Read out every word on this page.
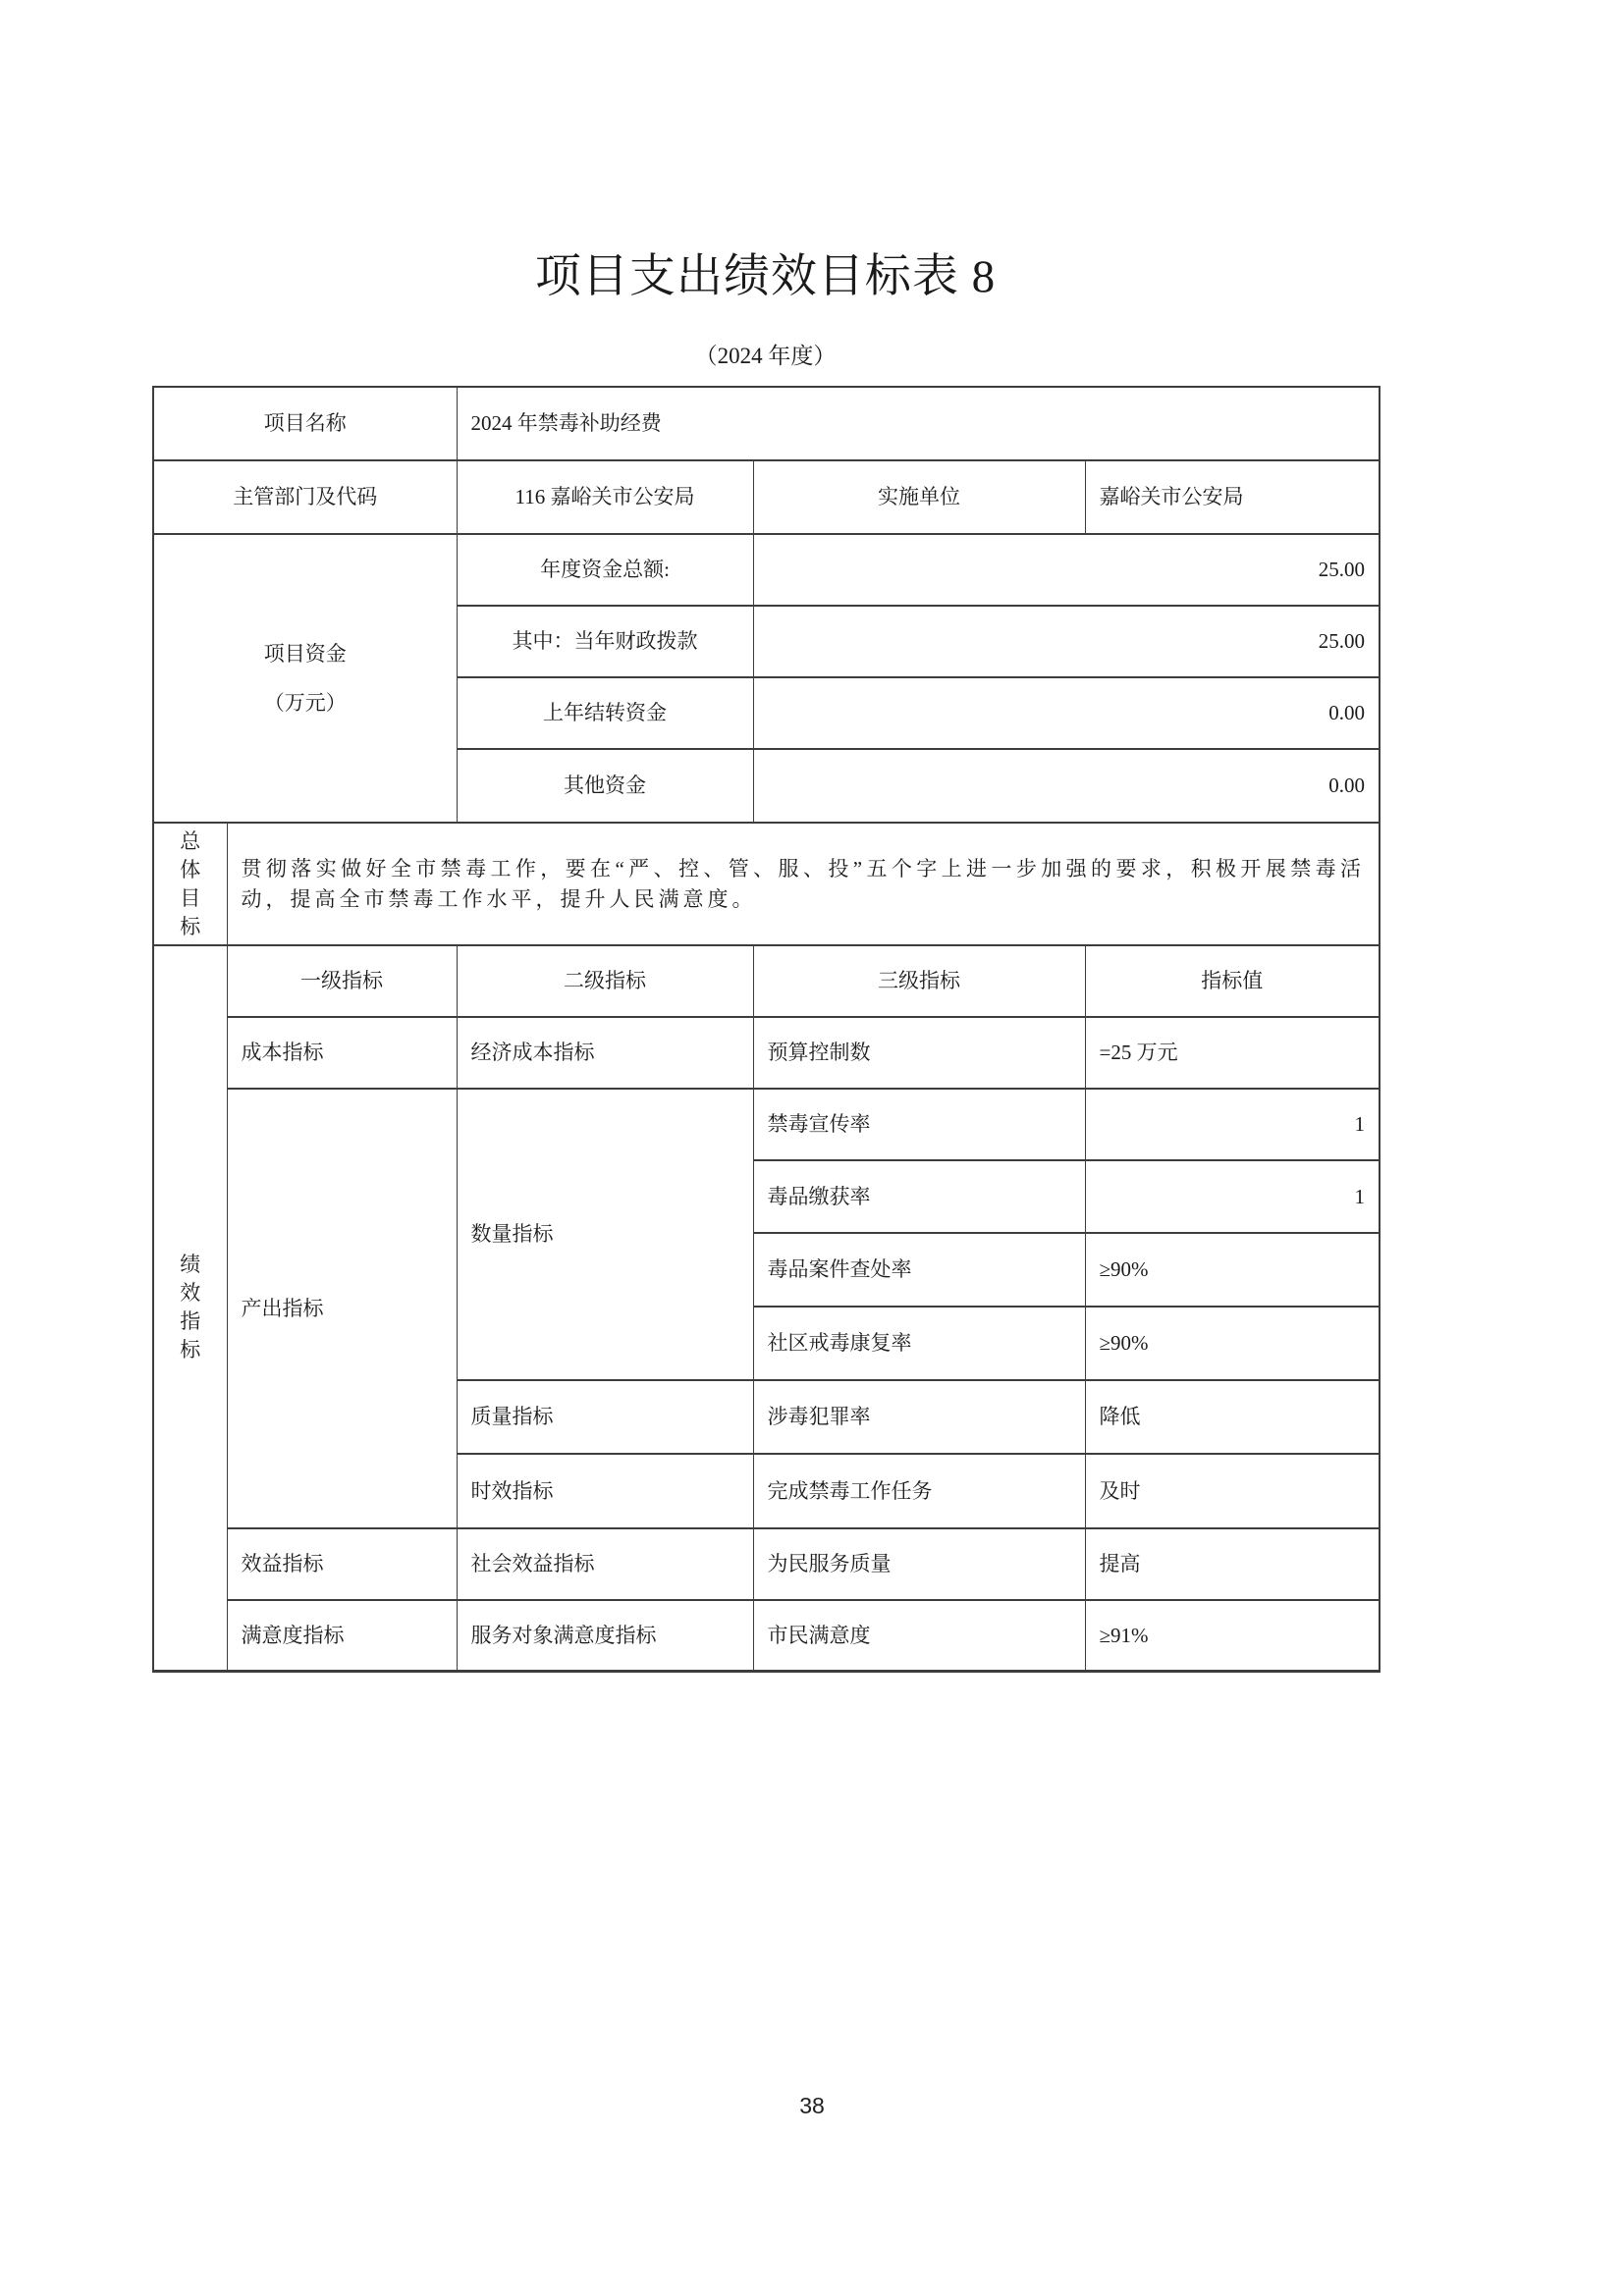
项目支出绩效目标表 8
（2024 年度）
项目名称		2024 年禁毒补助经费		
主管部门及代码		116 嘉峪关市公安局	实施单位	嘉峪关市公安局

项目资金
（万元）		年度资金总额:	25.00	
		其中：当年财政拨款	25.00	
		上年结转资金	0.00	
		其他资金	0.00	
总体目标	贯彻落实做好全市禁毒工作，要在“严、控、管、服、投”五个字上进一步加强的要求，积极开展禁毒活动，提高全市禁毒工作水平，提升人民满意度。			
绩效指标	一级指标	二级指标	三级指标	指标值
	成本指标	经济成本指标	预算控制数	=25 万元
	产出指标	数量指标	禁毒宣传率	1
			毒品缴获率	1
			毒品案件查处率	≥90%
			社区戒毒康复率	≥90%
		质量指标	涉毒犯罪率	降低
		时效指标	完成禁毒工作任务	及时
	效益指标	社会效益指标	为民服务质量	提高
	满意度指标	服务对象满意度指标	市民满意度	≥91%
38
